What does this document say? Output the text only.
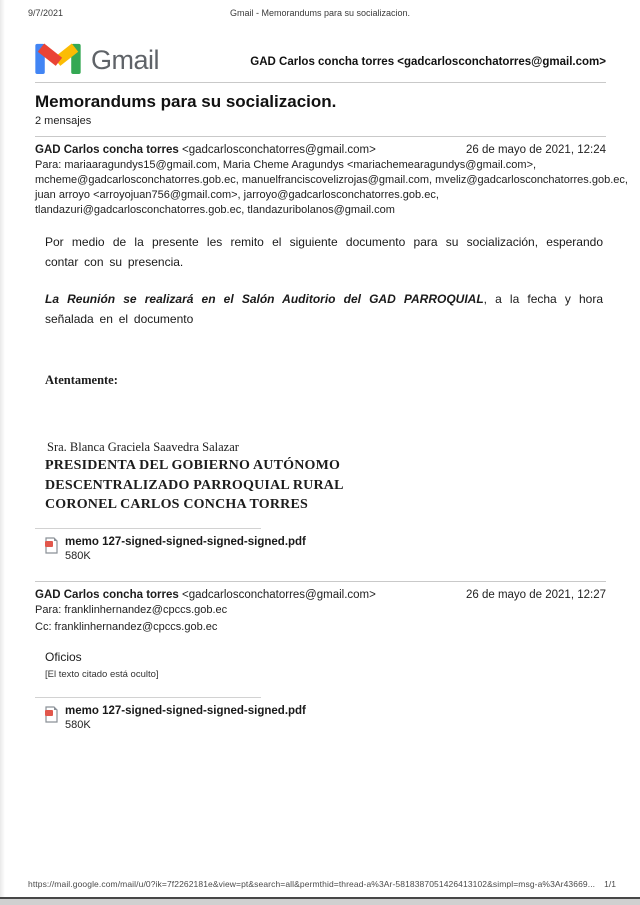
9/7/2021	Gmail - Memorandums para su socializacion.
Gmail	GAD Carlos concha torres <gadcarlosconchatorres@gmail.com>
Memorandums para su socializacion.
2 mensajes
GAD Carlos concha torres <gadcarlosconchatorres@gmail.com>	26 de mayo de 2021, 12:24
Para: mariaaragundys15@gmail.com, Maria Cheme Aragundys <mariachemearagundys@gmail.com>,
mcheme@gadcarlosconchatorres.gob.ec, manuelfranciscovelizrojas@gmail.com, mveliz@gadcarlosconchatorres.gob.ec,
juan arroyo <arroyojuan756@gmail.com>, jarroyo@gadcarlosconchatorres.gob.ec,
tlandazuri@gadcarlosconchatorres.gob.ec, tlandazuribolanos@gmail.com

Por medio de la presente les remito el siguiente documento para su socialización, esperando contar con su presencia.

La Reunión se realizará en el Salón Auditorio del GAD PARROQUIAL, a la fecha y hora señalada en el documento

Atentamente:
Sra. Blanca Graciela Saavedra Salazar
PRESIDENTA DEL GOBIERNO AUTÓNOMO
DESCENTRALIZADO PARROQUIAL RURAL
CORONEL CARLOS CONCHA TORRES
memo 127-signed-signed-signed-signed.pdf
580K
GAD Carlos concha torres <gadcarlosconchatorres@gmail.com>	26 de mayo de 2021, 12:27
Para: franklinhernandez@cpccs.gob.ec
Cc: franklinhernandez@cpccs.gob.ec
Oficios
[El texto citado está oculto]
memo 127-signed-signed-signed-signed.pdf
580K
https://mail.google.com/mail/u/0?ik=7f2262181e&view=pt&search=all&permthid=thread-a%3Ar-5818387051426413102&simpl=msg-a%3Ar43669... 1/1
